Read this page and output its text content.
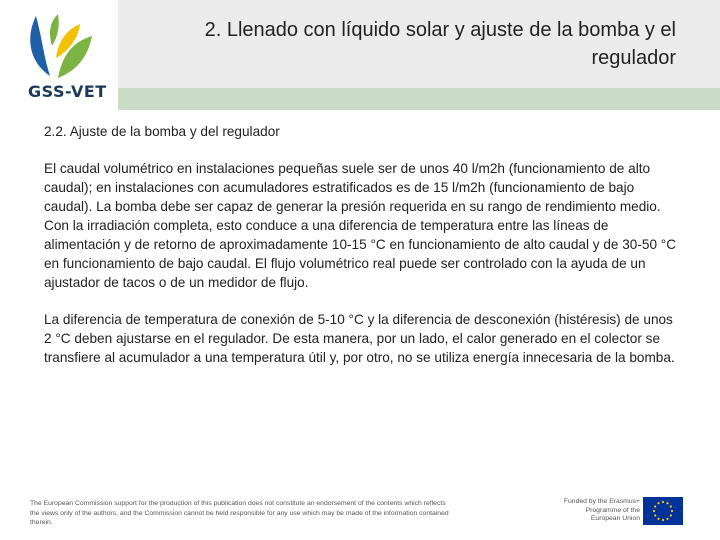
GSS-VET
2. Llenado con líquido solar y ajuste de la bomba y el regulador

2.2. Ajuste de la bomba y del regulador

El caudal volumétrico en instalaciones pequeñas suele ser de unos 40 l/m2h (funcionamiento de alto caudal); en instalaciones con acumuladores estratificados es de 15 l/m2h (funcionamiento de bajo caudal). La bomba debe ser capaz de generar la presión requerida en su rango de rendimiento medio. Con la irradiación completa, esto conduce a una diferencia de temperatura entre las líneas de alimentación y de retorno de aproximadamente 10-15 °C en funcionamiento de alto caudal y de 30-50 °C en funcionamiento de bajo caudal. El flujo volumétrico real puede ser controlado con la ayuda de un ajustador de tacos o de un medidor de flujo.

La diferencia de temperatura de conexión de 5-10 °C y la diferencia de desconexión (histéresis) de unos 2 °C deben ajustarse en el regulador. De esta manera, por un lado, el calor generado en el colector se transfiere al acumulador a una temperatura útil y, por otro, no se utiliza energía innecesaria de la bomba.

The European Commission support for the production of this publication does not constitute an endorsement of the contents which reflects the views only of the authors, and the Commission cannot be held responsible for any use which may be made of the information contained therein.
Funded by the Erasmus+ Programme of the European Union
